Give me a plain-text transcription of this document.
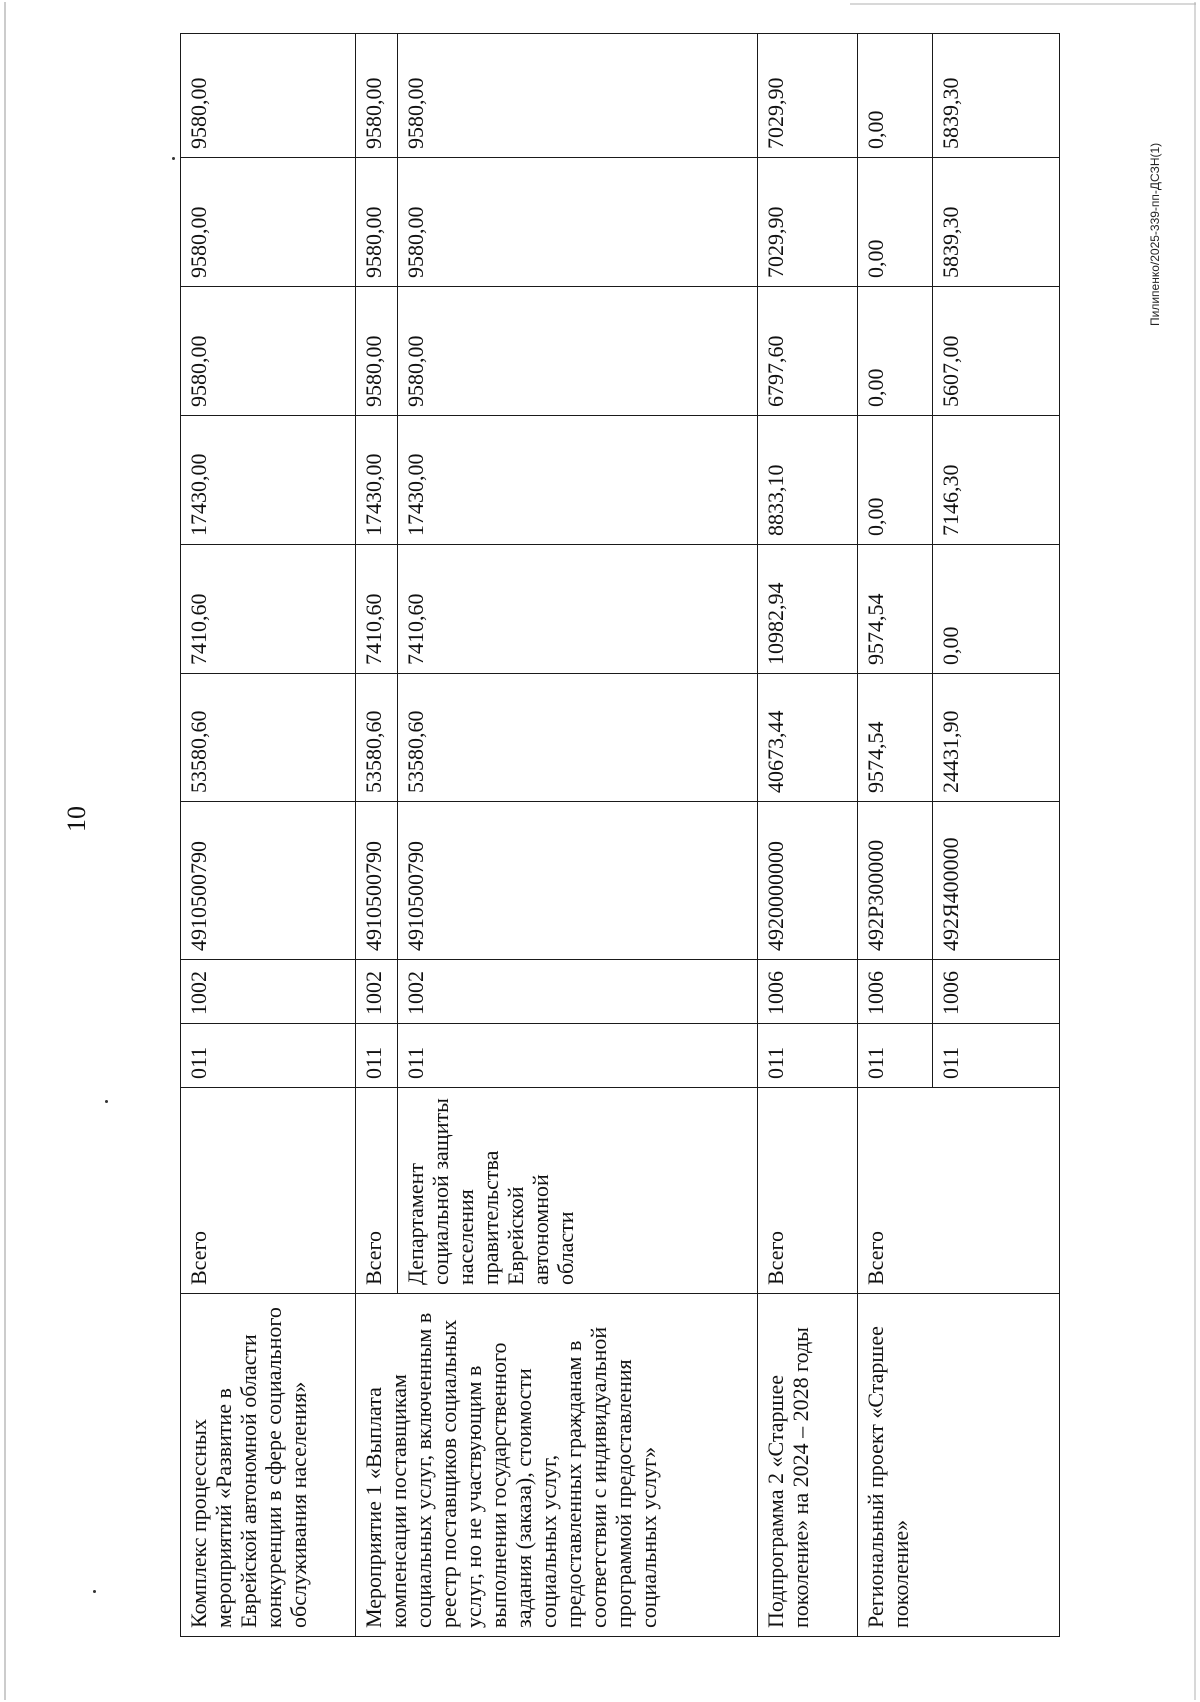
10
Пилипенко/2025-339-пп-ДСЗН(1)
Комплекс процессных мероприятий «Развитие в Еврейской автономной области конкуренции в сфере социального обслуживания населения»	Всего	011	1002	4910500790	53580,60	7410,60	17430,00	9580,00	9580,00	9580,00
Мероприятие 1 «Выплата компенсации поставщикам социальных услуг, включенным в реестр поставщиков социальных услуг, но не участвующим в выполнении государственного задания (заказа), стоимости социальных услуг, предоставленных гражданам в соответствии с индивидуальной программой предоставления социальных услуг»	Всего	011	1002	4910500790	53580,60	7410,60	17430,00	9580,00	9580,00	9580,00
	Департамент социальной защиты населения правительства Еврейской автономной области	011	1002	4910500790	53580,60	7410,60	17430,00	9580,00	9580,00	9580,00
Подпрограмма 2 «Старшее поколение» на 2024 – 2028 годы	Всего	011	1006	4920000000	40673,44	10982,94	8833,10	6797,60	7029,90	7029,90
Региональный проект «Старшее поколение»	Всего	011	1006	492Р300000	9574,54	9574,54	0,00	0,00	0,00	0,00
		011	1006	492Я400000	24431,90	0,00	7146,30	5607,00	5839,30	5839,30
